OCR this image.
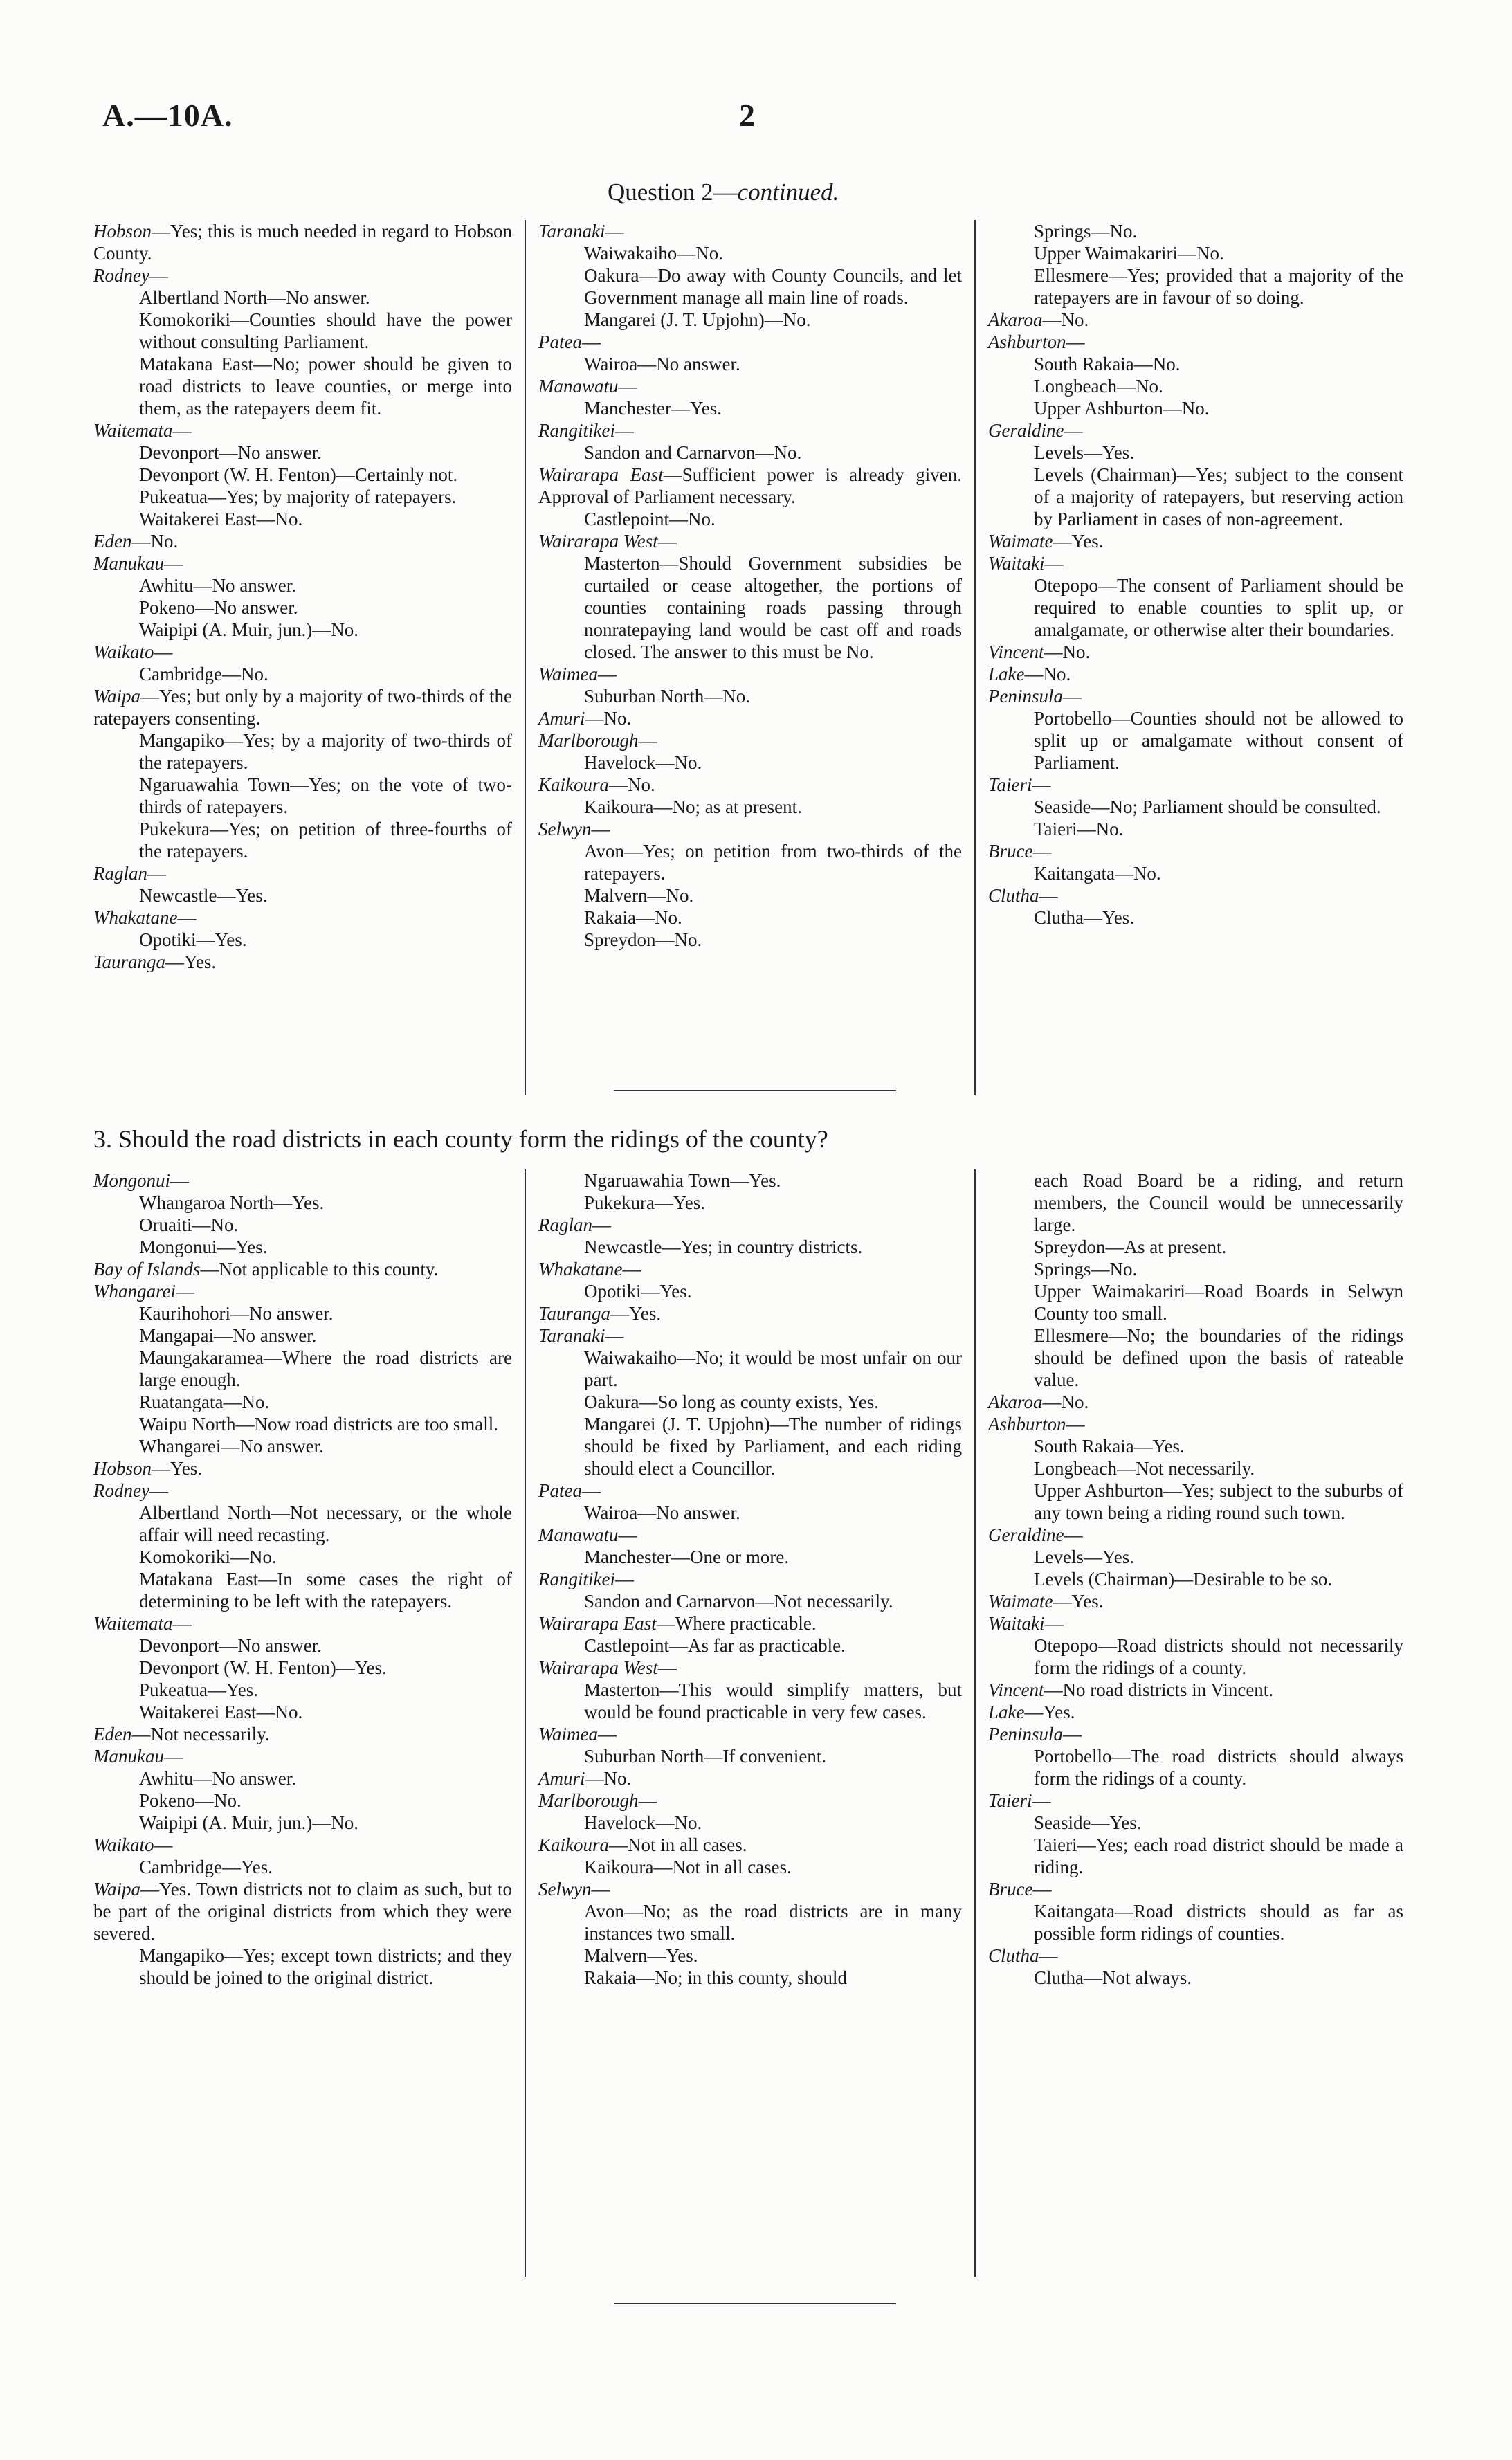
A.—10A.	2
Question 2—continued.

Hobson—Yes; this is much needed in regard to Hobson County.

Rodney—

Albertland North—No answer.

Komokoriki—Counties should have the power without consulting Parliament.

Matakana East—No; power should be given to road districts to leave counties, or merge into them, as the ratepayers deem fit.

Waitemata—

Devonport—No answer.

Devonport (W. H. Fenton)—Certainly not.

Pukeatua—Yes; by majority of ratepayers.

Waitakerei East—No.

Eden—No.

Manukau—

Awhitu—No answer.

Pokeno—No answer.

Waipipi (A. Muir, jun.)—No.

Waikato—

Cambridge—No.

Waipa—Yes; but only by a majority of two-thirds of the ratepayers consenting.

Mangapiko—Yes; by a majority of two-thirds of the ratepayers.

Ngaruawahia Town—Yes; on the vote of two-thirds of ratepayers.

Pukekura—Yes; on petition of three-fourths of the ratepayers.

Raglan—

Newcastle—Yes.

Whakatane—

Opotiki—Yes.

Tauranga—Yes.

Taranaki—

Waiwakaiho—No.

Oakura—Do away with County Councils, and let Government manage all main line of roads.

Mangarei (J. T. Upjohn)—No.

Patea—

Wairoa—No answer.

Manawatu—

Manchester—Yes.

Rangitikei—

Sandon and Carnarvon—No.

Wairarapa East—Sufficient power is already given. Approval of Parliament necessary.

Castlepoint—No.

Wairarapa West—

Masterton—Should Government subsidies be curtailed or cease altogether, the portions of counties containing roads passing through nonratepaying land would be cast off and roads closed. The answer to this must be No.

Waimea—

Suburban North—No.

Amuri—No.

Marlborough—

Havelock—No.

Kaikoura—No.

Kaikoura—No; as at present.

Selwyn—

Avon—Yes; on petition from two-thirds of the ratepayers.

Malvern—No.

Rakaia—No.

Spreydon—No.

Springs—No.

Upper Waimakariri—No.

Ellesmere—Yes; provided that a majority of the ratepayers are in favour of so doing.

Akaroa—No.

Ashburton—

South Rakaia—No.

Longbeach—No.

Upper Ashburton—No.

Geraldine—

Levels—Yes.

Levels (Chairman)—Yes; subject to the consent of a majority of ratepayers, but reserving action by Parliament in cases of non-agreement.

Waimate—Yes.

Waitaki—

Otepopo—The consent of Parliament should be required to enable counties to split up, or amalgamate, or otherwise alter their boundaries.

Vincent—No.

Lake—No.

Peninsula—

Portobello—Counties should not be allowed to split up or amalgamate without consent of Parliament.

Taieri—

Seaside—No; Parliament should be consulted.

Taieri—No.

Bruce—

Kaitangata—No.

Clutha—

Clutha—Yes.

3. Should the road districts in each county form the ridings of the county?

Mongonui—

Whangaroa North—Yes.

Oruaiti—No.

Mongonui—Yes.

Bay of Islands—Not applicable to this county.

Whangarei—

Kaurihohori—No answer.

Mangapai—No answer.

Maungakaramea—Where the road districts are large enough.

Ruatangata—No.

Waipu North—Now road districts are too small.

Whangarei—No answer.

Hobson—Yes.

Rodney—

Albertland North—Not necessary, or the whole affair will need recasting.

Komokoriki—No.

Matakana East—In some cases the right of determining to be left with the ratepayers.

Waitemata—

Devonport—No answer.

Devonport (W. H. Fenton)—Yes.

Pukeatua—Yes.

Waitakerei East—No.

Eden—Not necessarily.

Manukau—

Awhitu—No answer.

Pokeno—No.

Waipipi (A. Muir, jun.)—No.

Waikato—

Cambridge—Yes.

Waipa—Yes. Town districts not to claim as such, but to be part of the original districts from which they were severed.

Mangapiko—Yes; except town districts; and they should be joined to the original district.

Ngaruawahia Town—Yes.

Pukekura—Yes.

Raglan—

Newcastle—Yes; in country districts.

Whakatane—

Opotiki—Yes.

Tauranga—Yes.

Taranaki—

Waiwakaiho—No; it would be most unfair on our part.

Oakura—So long as county exists, Yes.

Mangarei (J. T. Upjohn)—The number of ridings should be fixed by Parliament, and each riding should elect a Councillor.

Patea—

Wairoa—No answer.

Manawatu—

Manchester—One or more.

Rangitikei—

Sandon and Carnarvon—Not necessarily.

Wairarapa East—Where practicable.

Castlepoint—As far as practicable.

Wairarapa West—

Masterton—This would simplify matters, but would be found practicable in very few cases.

Waimea—

Suburban North—If convenient.

Amuri—No.

Marlborough—

Havelock—No.

Kaikoura—Not in all cases.

Kaikoura—Not in all cases.

Selwyn—

Avon—No; as the road districts are in many instances two small.

Malvern—Yes.

Rakaia—No; in this county, should

each Road Board be a riding, and return members, the Council would be unnecessarily large.

Spreydon—As at present.

Springs—No.

Upper Waimakariri—Road Boards in Selwyn County too small.

Ellesmere—No; the boundaries of the ridings should be defined upon the basis of rateable value.

Akaroa—No.

Ashburton—

South Rakaia—Yes.

Longbeach—Not necessarily.

Upper Ashburton—Yes; subject to the suburbs of any town being a riding round such town.

Geraldine—

Levels—Yes.

Levels (Chairman)—Desirable to be so.

Waimate—Yes.

Waitaki—

Otepopo—Road districts should not necessarily form the ridings of a county.

Vincent—No road districts in Vincent.

Lake—Yes.

Peninsula—

Portobello—The road districts should always form the ridings of a county.

Taieri—

Seaside—Yes.

Taieri—Yes; each road district should be made a riding.

Bruce—

Kaitangata—Road districts should as far as possible form ridings of counties.

Clutha—

Clutha—Not always.
